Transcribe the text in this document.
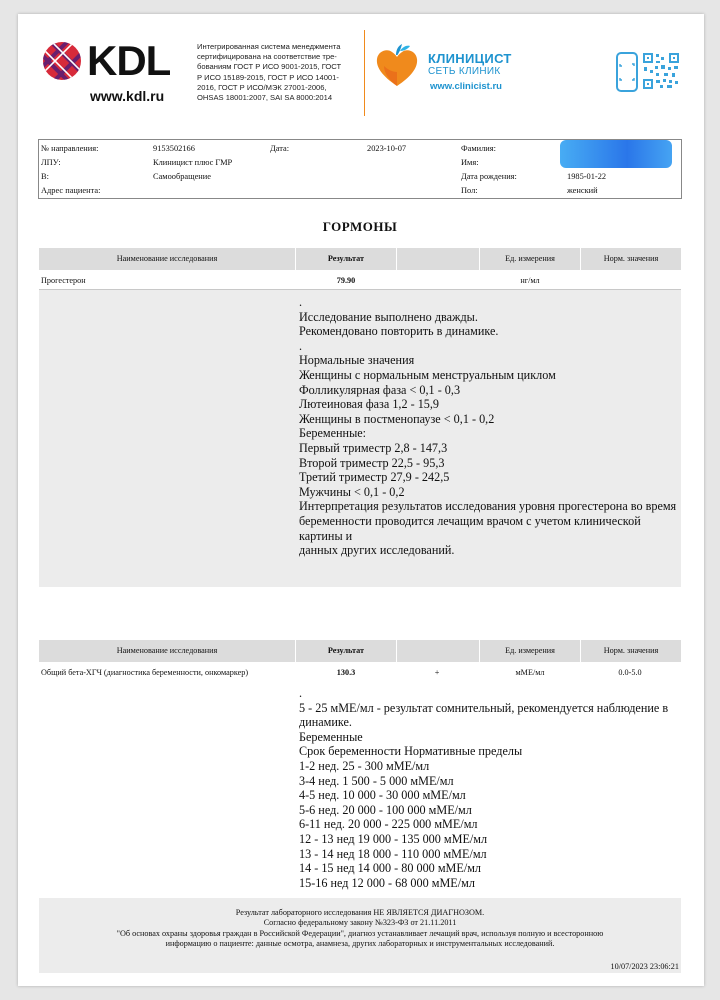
KDL
www.kdl.ru
Интегрированная система менеджмента
сертифицирована на соответствие тре-
бованиям ГОСТ Р ИСО 9001-2015, ГОСТ
Р ИСО 15189-2015, ГОСТ Р ИСО 14001-
2016, ГОСТ Р ИСО/МЭК 27001-2006,
OHSAS 18001:2007, SAI SA 8000:2014
КЛИНИЦИСТ
СЕТЬ КЛИНИК
www.clinicist.ru
№ направления:	9153502166	Дата:	2023-10-07	Фамилия:
ЛПУ:	Клиницист плюс ГМР	Имя:
В:	Самообращение	Дата рождения:	1985-01-22
Адрес пациента:	Пол:	женский
ГОРМОНЫ
Наименование исследования	Результат	Ед. измерения	Норм. значения
Прогестерон	79.90	нг/мл
.
Исследование выполнено дважды.
Рекомендовано повторить в динамике.
.
Нормальные значения
Женщины с нормальным менструальным циклом
Фолликулярная фаза < 0,1 - 0,3
Лютеиновая фаза 1,2 - 15,9
Женщины в постменопаузе < 0,1 - 0,2
Беременные:
Первый триместр 2,8 - 147,3
Второй триместр 22,5 - 95,3
Третий триместр 27,9 - 242,5
Мужчины < 0,1 - 0,2
Интерпретация результатов исследования уровня прогестерона во время
беременности проводится лечащим врачом с учетом клинической картины и
данных других исследований.
Наименование исследования	Результат	Ед. измерения	Норм. значения
Общий бета-ХГЧ (диагностика беременности, онкомаркер)	130.3	+	мМЕ/мл	0.0-5.0
.
5 - 25 мМЕ/мл - результат сомнительный, рекомендуется наблюдение в динамике.
Беременные
Срок беременности Нормативные пределы
1-2 нед. 25 - 300 мМЕ/мл
3-4 нед. 1 500 - 5 000 мМЕ/мл
4-5 нед. 10 000 - 30 000 мМЕ/мл
5-6 нед. 20 000 - 100 000 мМЕ/мл
6-11 нед. 20 000 - 225 000 мМЕ/мл
12 - 13 нед 19 000 - 135 000 мМЕ/мл
13 - 14 нед 18 000 - 110 000 мМЕ/мл
14 - 15 нед 14 000 - 80 000 мМЕ/мл
15-16 нед 12 000 - 68 000 мМЕ/мл
Результат лабораторного исследования НЕ ЯВЛЯЕТСЯ ДИАГНОЗОМ.
Согласно федеральному закону №323-ФЗ от 21.11.2011
"Об основах охраны здоровья граждан в Российской Федерации", диагноз устанавливает лечащий врач, используя полную и всесторонною
информацию о пациенте: данные осмотра, анамнеза, других лабораторных и инструментальных исследований.
10/07/2023 23:06:21
